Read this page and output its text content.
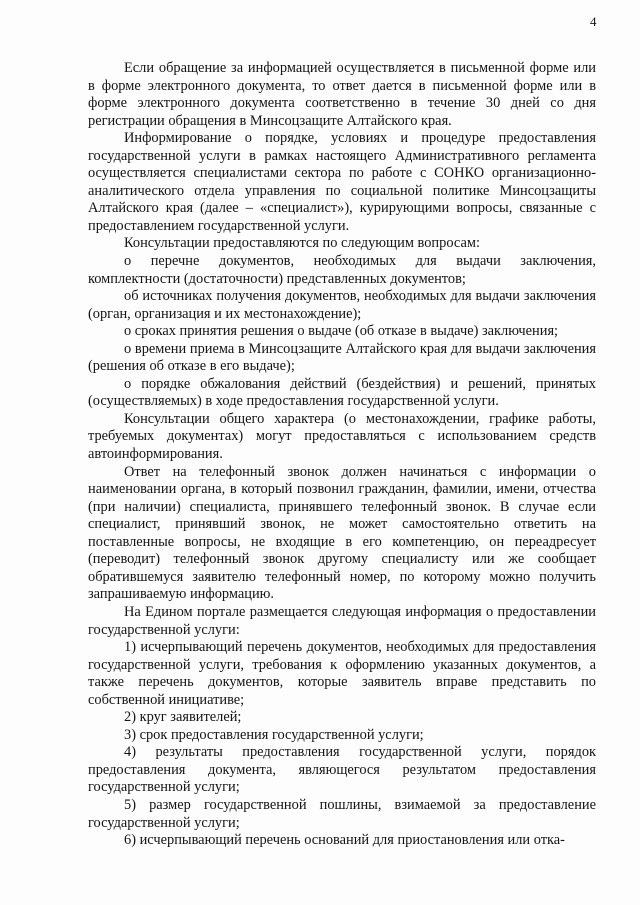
4

Если обращение за информацией осуществляется в письменной форме или в форме электронного документа, то ответ дается в письменной форме или в форме электронного документа соответственно в течение 30 дней со дня регистрации обращения в Минсоцзащите Алтайского края.

Информирование о порядке, условиях и процедуре предоставления государственной услуги в рамках настоящего Административного регламента осуществляется специалистами сектора по работе с СОНКО организационно-аналитического отдела управления по социальной политике Минсоцзащиты Алтайского края (далее – «специалист»), курирующими вопросы, связанные с предоставлением государственной услуги.

Консультации предоставляются по следующим вопросам:

о перечне документов, необходимых для выдачи заключения, комплектности (достаточности) представленных документов;

об источниках получения документов, необходимых для выдачи заключения (орган, организация и их местонахождение);

о сроках принятия решения о выдаче (об отказе в выдаче) заключения;

о времени приема в Минсоцзащите Алтайского края для выдачи заключения (решения об отказе в его выдаче);

о порядке обжалования действий (бездействия) и решений, принятых (осуществляемых) в ходе предоставления государственной услуги.

Консультации общего характера (о местонахождении, графике работы, требуемых документах) могут предоставляться с использованием средств автоинформирования.

Ответ на телефонный звонок должен начинаться с информации о наименовании органа, в который позвонил гражданин, фамилии, имени, отчества (при наличии) специалиста, принявшего телефонный звонок. В случае если специалист, принявший звонок, не может самостоятельно ответить на поставленные вопросы, не входящие в его компетенцию, он переадресует (переводит) телефонный звонок другому специалисту или же сообщает обратившемуся заявителю телефонный номер, по которому можно получить запрашиваемую информацию.

На Едином портале размещается следующая информация о предоставлении государственной услуги:

1) исчерпывающий перечень документов, необходимых для предоставления государственной услуги, требования к оформлению указанных документов, а также перечень документов, которые заявитель вправе представить по собственной инициативе;

2) круг заявителей;

3) срок предоставления государственной услуги;

4) результаты предоставления государственной услуги, порядок предоставления документа, являющегося результатом предоставления государственной услуги;

5) размер государственной пошлины, взимаемой за предоставление государственной услуги;

6) исчерпывающий перечень оснований для приостановления или отка-
